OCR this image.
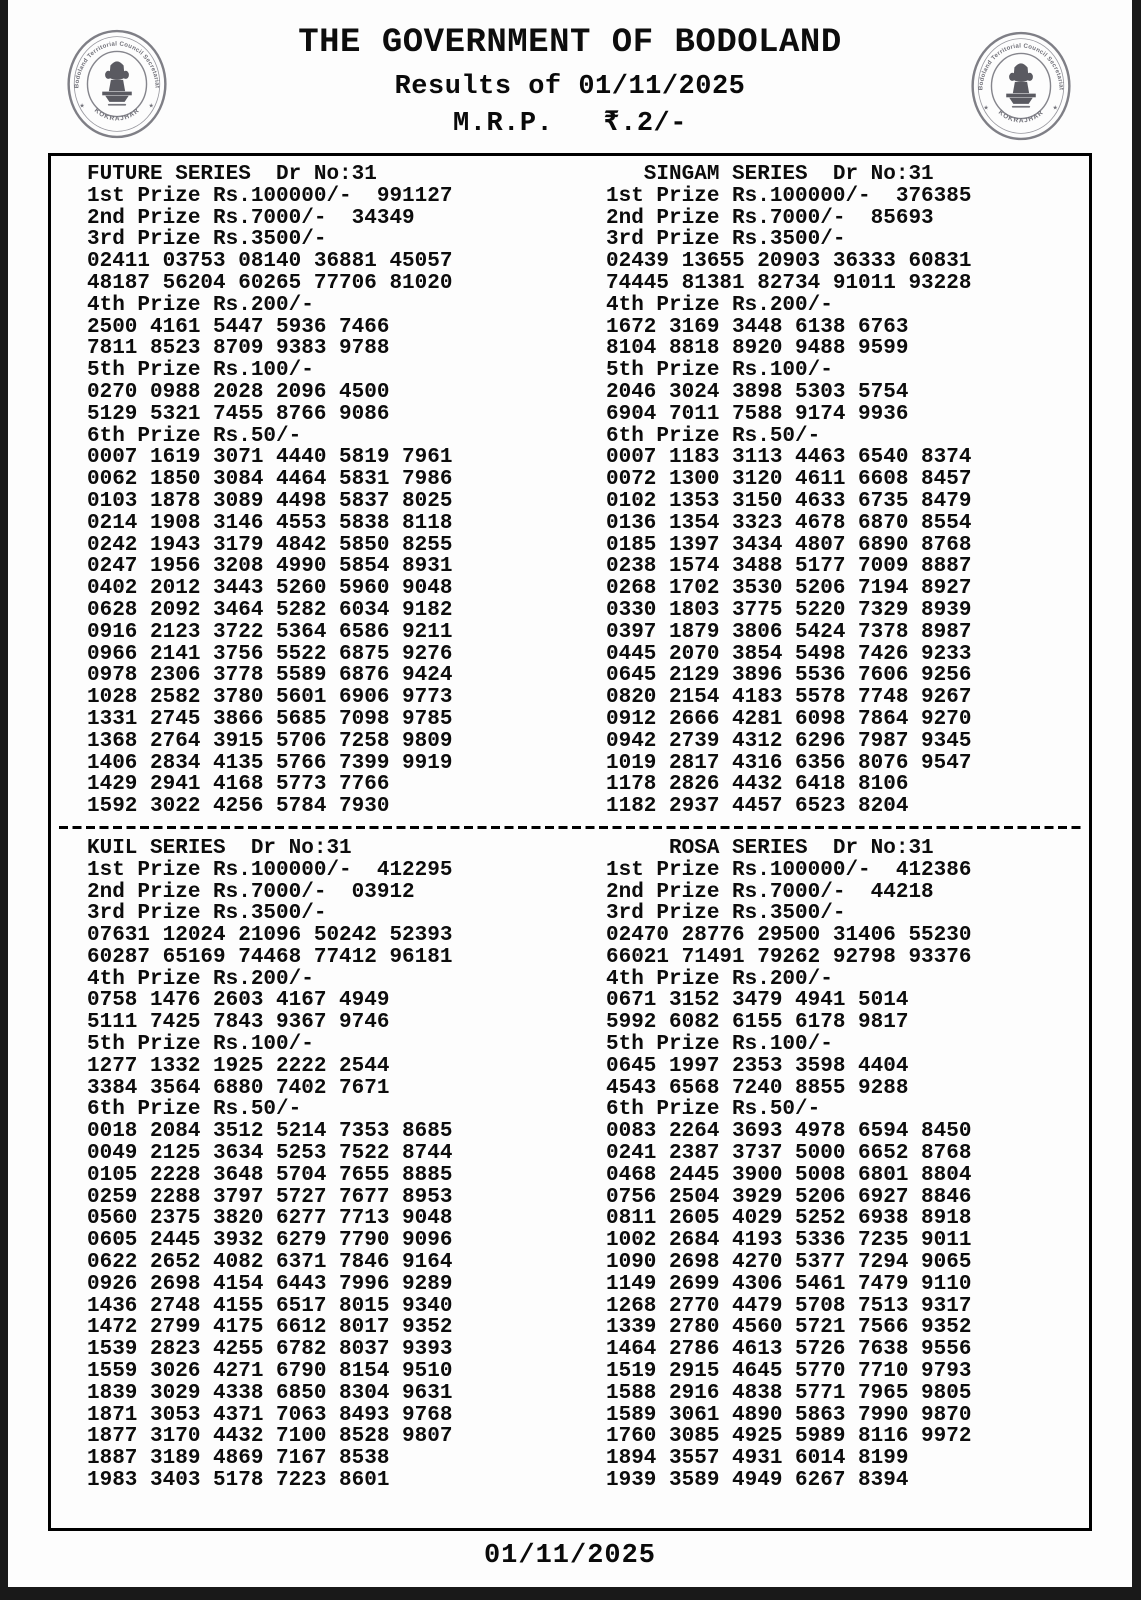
Bodoland Territorial Council Secretariat
KOKRAJHAR
★	★
Bodoland Territorial Council Secretariat
KOKRAJHAR
★	★
THE GOVERNMENT OF BODOLAND
Results of 01/11/2025
M.R.P.   ₹.2/-
FUTURE SERIES  Dr No:31
1st Prize Rs.100000/-  991127
2nd Prize Rs.7000/-  34349
3rd Prize Rs.3500/-
02411 03753 08140 36881 45057
48187 56204 60265 77706 81020
4th Prize Rs.200/-
2500 4161 5447 5936 7466
7811 8523 8709 9383 9788
5th Prize Rs.100/-
0270 0988 2028 2096 4500
5129 5321 7455 8766 9086
6th Prize Rs.50/-
0007 1619 3071 4440 5819 7961
0062 1850 3084 4464 5831 7986
0103 1878 3089 4498 5837 8025
0214 1908 3146 4553 5838 8118
0242 1943 3179 4842 5850 8255
0247 1956 3208 4990 5854 8931
0402 2012 3443 5260 5960 9048
0628 2092 3464 5282 6034 9182
0916 2123 3722 5364 6586 9211
0966 2141 3756 5522 6875 9276
0978 2306 3778 5589 6876 9424
1028 2582 3780 5601 6906 9773
1331 2745 3866 5685 7098 9785
1368 2764 3915 5706 7258 9809
1406 2834 4135 5766 7399 9919
1429 2941 4168 5773 7766
1592 3022 4256 5784 7930
SINGAM SERIES  Dr No:31
1st Prize Rs.100000/-  376385
2nd Prize Rs.7000/-  85693
3rd Prize Rs.3500/-
02439 13655 20903 36333 60831
74445 81381 82734 91011 93228
4th Prize Rs.200/-
1672 3169 3448 6138 6763
8104 8818 8920 9488 9599
5th Prize Rs.100/-
2046 3024 3898 5303 5754
6904 7011 7588 9174 9936
6th Prize Rs.50/-
0007 1183 3113 4463 6540 8374
0072 1300 3120 4611 6608 8457
0102 1353 3150 4633 6735 8479
0136 1354 3323 4678 6870 8554
0185 1397 3434 4807 6890 8768
0238 1574 3488 5177 7009 8887
0268 1702 3530 5206 7194 8927
0330 1803 3775 5220 7329 8939
0397 1879 3806 5424 7378 8987
0445 2070 3854 5498 7426 9233
0645 2129 3896 5536 7606 9256
0820 2154 4183 5578 7748 9267
0912 2666 4281 6098 7864 9270
0942 2739 4312 6296 7987 9345
1019 2817 4316 6356 8076 9547
1178 2826 4432 6418 8106
1182 2937 4457 6523 8204
KUIL SERIES  Dr No:31
1st Prize Rs.100000/-  412295
2nd Prize Rs.7000/-  03912
3rd Prize Rs.3500/-
07631 12024 21096 50242 52393
60287 65169 74468 77412 96181
4th Prize Rs.200/-
0758 1476 2603 4167 4949
5111 7425 7843 9367 9746
5th Prize Rs.100/-
1277 1332 1925 2222 2544
3384 3564 6880 7402 7671
6th Prize Rs.50/-
0018 2084 3512 5214 7353 8685
0049 2125 3634 5253 7522 8744
0105 2228 3648 5704 7655 8885
0259 2288 3797 5727 7677 8953
0560 2375 3820 6277 7713 9048
0605 2445 3932 6279 7790 9096
0622 2652 4082 6371 7846 9164
0926 2698 4154 6443 7996 9289
1436 2748 4155 6517 8015 9340
1472 2799 4175 6612 8017 9352
1539 2823 4255 6782 8037 9393
1559 3026 4271 6790 8154 9510
1839 3029 4338 6850 8304 9631
1871 3053 4371 7063 8493 9768
1877 3170 4432 7100 8528 9807
1887 3189 4869 7167 8538
1983 3403 5178 7223 8601
ROSA SERIES  Dr No:31
1st Prize Rs.100000/-  412386
2nd Prize Rs.7000/-  44218
3rd Prize Rs.3500/-
02470 28776 29500 31406 55230
66021 71491 79262 92798 93376
4th Prize Rs.200/-
0671 3152 3479 4941 5014
5992 6082 6155 6178 9817
5th Prize Rs.100/-
0645 1997 2353 3598 4404
4543 6568 7240 8855 9288
6th Prize Rs.50/-
0083 2264 3693 4978 6594 8450
0241 2387 3737 5000 6652 8768
0468 2445 3900 5008 6801 8804
0756 2504 3929 5206 6927 8846
0811 2605 4029 5252 6938 8918
1002 2684 4193 5336 7235 9011
1090 2698 4270 5377 7294 9065
1149 2699 4306 5461 7479 9110
1268 2770 4479 5708 7513 9317
1339 2780 4560 5721 7566 9352
1464 2786 4613 5726 7638 9556
1519 2915 4645 5770 7710 9793
1588 2916 4838 5771 7965 9805
1589 3061 4890 5863 7990 9870
1760 3085 4925 5989 8116 9972
1894 3557 4931 6014 8199
1939 3589 4949 6267 8394
01/11/2025
